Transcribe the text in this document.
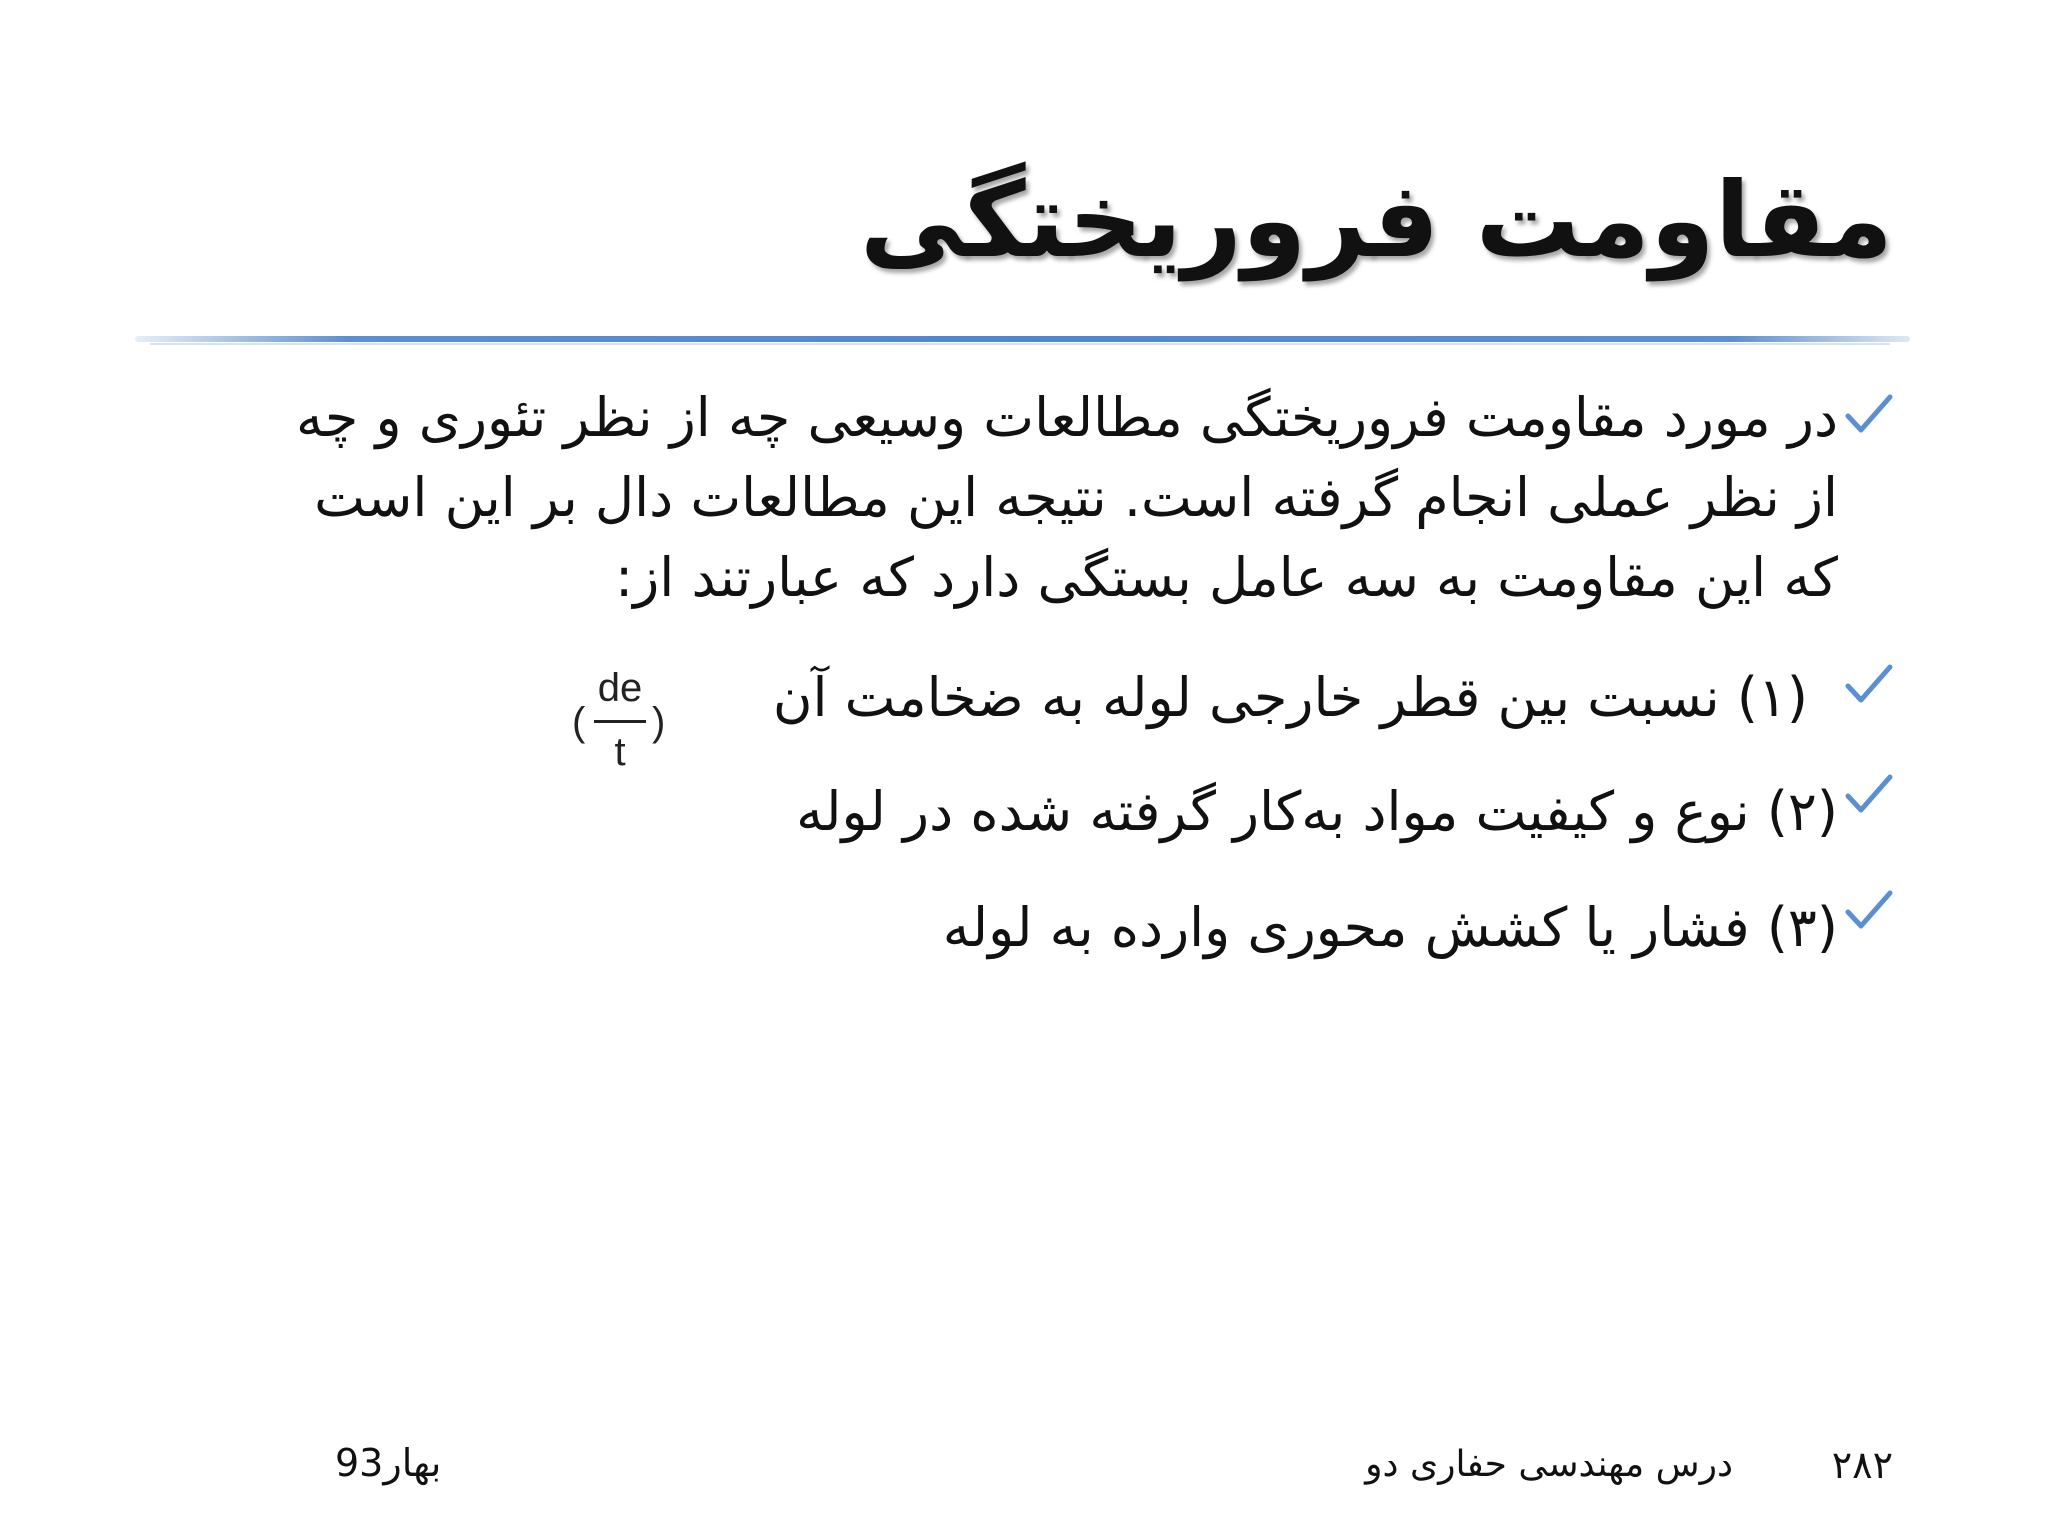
مقاومت فروریختگی
در مورد مقاومت فروریختگی مطالعات وسیعی چه از نظر تئوری و چه
از نظر عملی انجام گرفته است. نتیجه این مطالعات دال بر این است
که این مقاومت به سه عامل بستگی دارد که عبارتند از:
(۱) نسبت بین قطر خارجی لوله به ضخامت آن
(
de
t
)
(۲) نوع و کیفیت مواد به‌کار گرفته شده در لوله
(۳) فشار یا کشش محوری وارده به لوله
۲۸۲
درس مهندسی حفاری دو
بهار93
